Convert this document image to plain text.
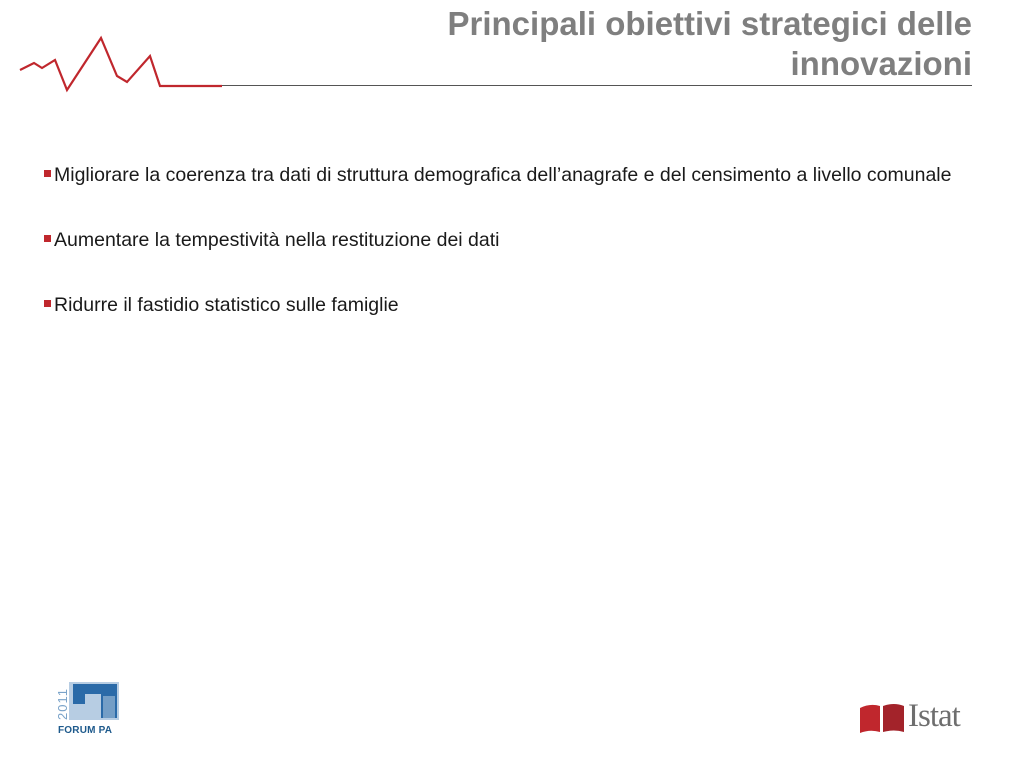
Principali obiettivi strategici delle innovazioni
Migliorare la coerenza tra dati di struttura demografica dell’anagrafe e del censimento a livello comunale
Aumentare la tempestività nella restituzione dei dati
Ridurre il fastidio statistico sulle famiglie
2011
FORUM PA	Istat
